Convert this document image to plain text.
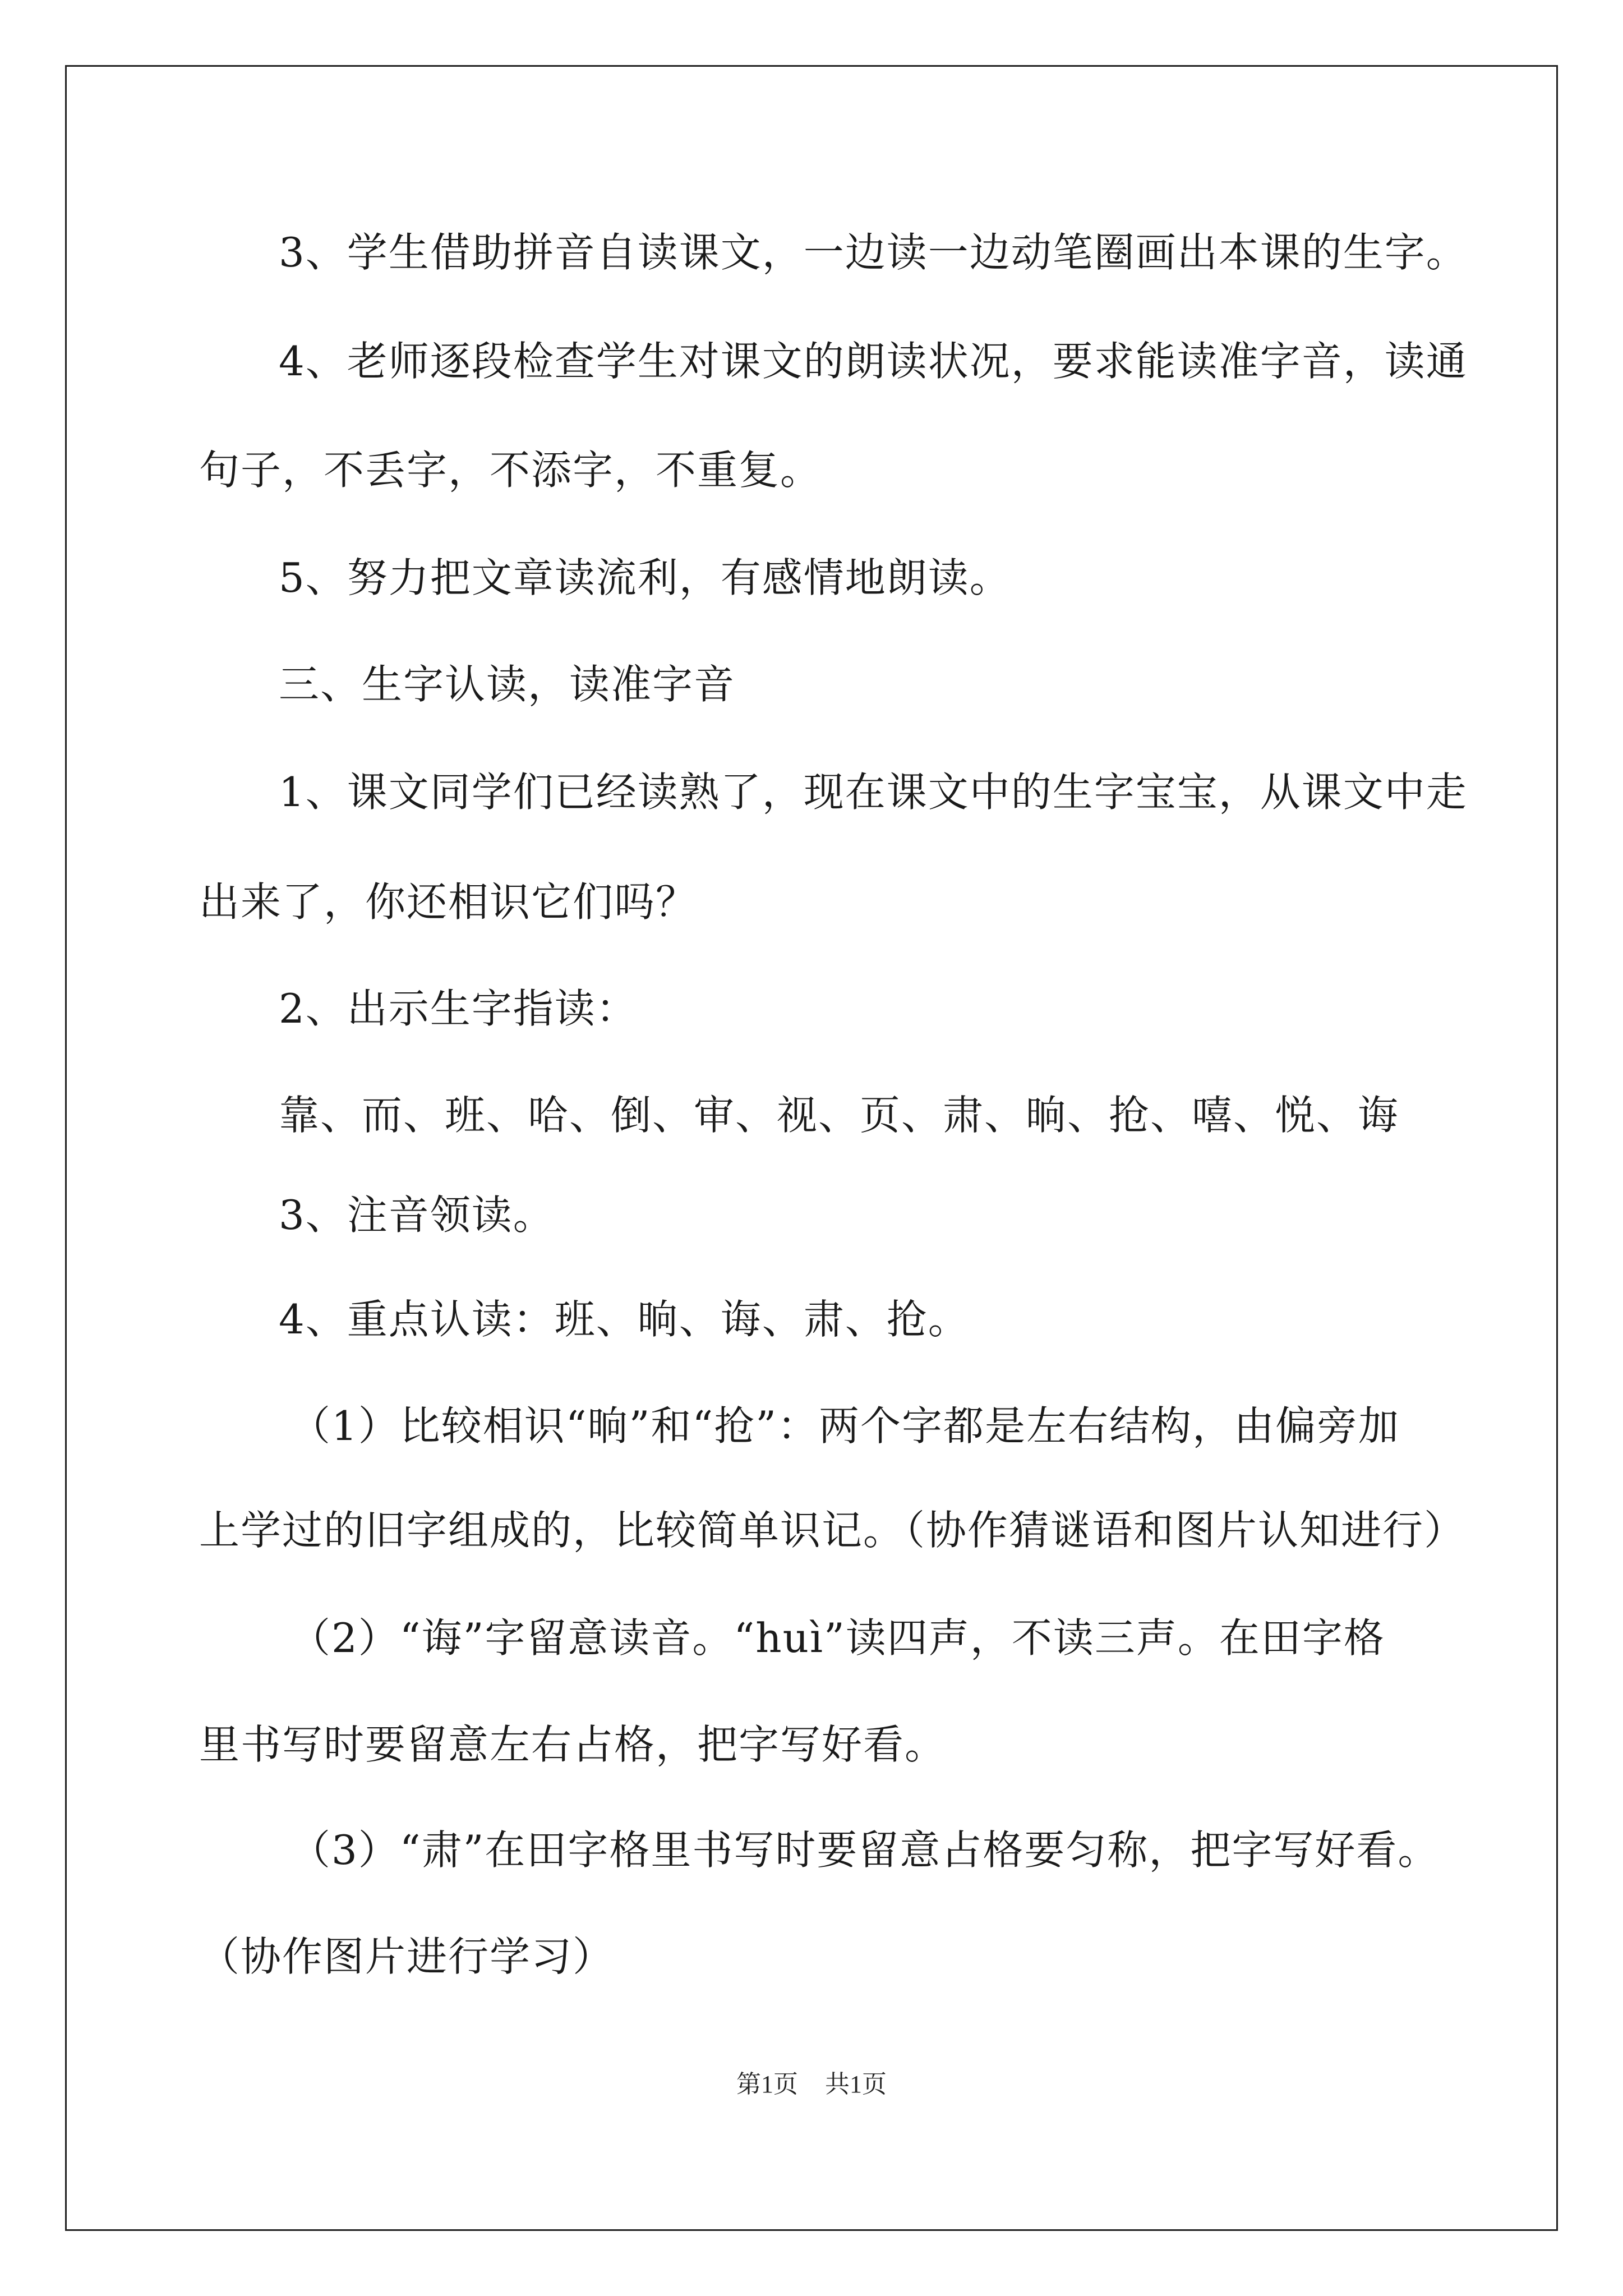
3、学生借助拼音自读课文，一边读一边动笔圈画出本课的生字。
4、老师逐段检查学生对课文的朗读状况，要求能读准字音，读通
句子，不丢字，不添字，不重复。
5、努力把文章读流利，有感情地朗读。
三、生字认读，读准字音
1、课文同学们已经读熟了，现在课文中的生字宝宝，从课文中走
出来了，你还相识它们吗？
2、出示生字指读：
靠、而、班、哈、倒、审、视、页、肃、晌、抢、嘻、悦、诲
3、注音领读。
4、重点认读：班、晌、诲、肃、抢。
（1）比较相识“晌”和“抢”：两个字都是左右结构，由偏旁加
上学过的旧字组成的，比较简单识记。（协作猜谜语和图片认知进行）
（2）“诲”字留意读音。“huì”读四声，不读三声。在田字格
里书写时要留意左右占格，把字写好看。
（3）“肃”在田字格里书写时要留意占格要匀称，把字写好看。
（协作图片进行学习）
第1页 共1页
